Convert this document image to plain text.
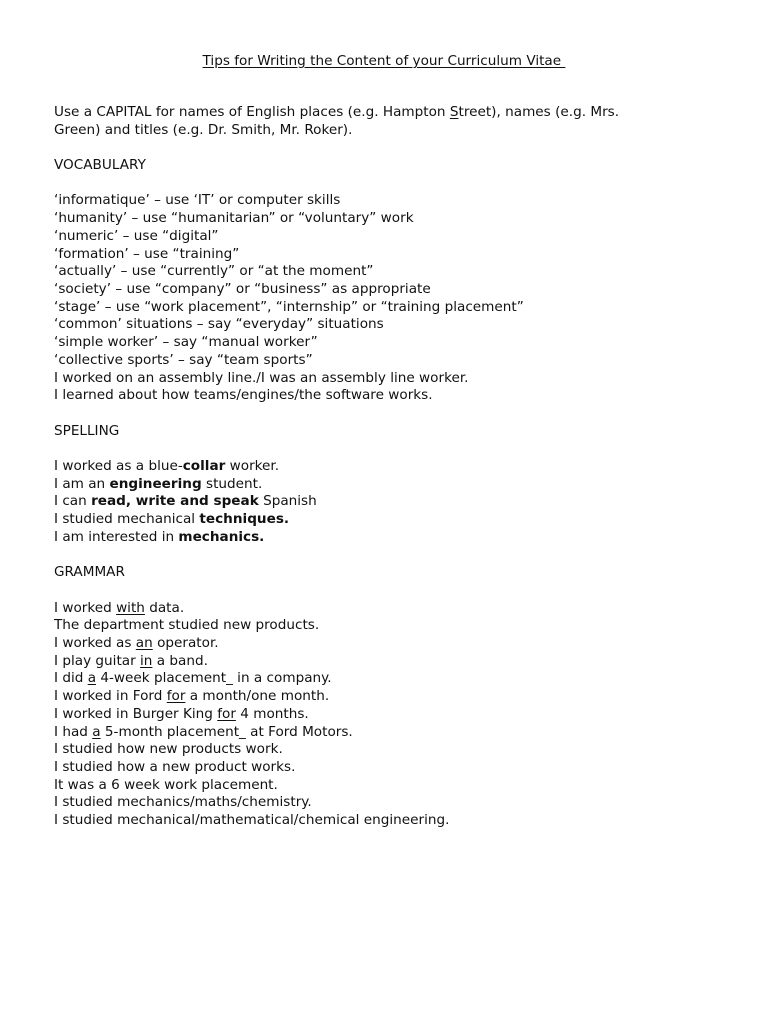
Tips for Writing the Content of your Curriculum Vitae
Use a CAPITAL for names of English places (e.g. Hampton Street), names (e.g. Mrs.
Green) and titles (e.g. Dr. Smith, Mr. Roker).
VOCABULARY
‘informatique’ – use ‘IT’ or computer skills
‘humanity’ – use “humanitarian” or “voluntary” work
‘numeric’ – use “digital”
‘formation’ – use “training”
‘actually’ – use “currently” or “at the moment”
‘society’ – use “company” or “business” as appropriate
‘stage’ – use “work placement”, “internship” or “training placement”
‘common’ situations – say “everyday” situations
‘simple worker’ – say “manual worker”
‘collective sports’ – say “team sports”
I worked on an assembly line./I was an assembly line worker.
I learned about how teams/engines/the software works.
SPELLING
I worked as a blue-collar worker.
I am an engineering student.
I can read, write and speak Spanish
I studied mechanical techniques.
I am interested in mechanics.
GRAMMAR
I worked with data.
The department studied new products.
I worked as an operator.
I play guitar in a band.
I did a 4-week placement_ in a company.
I worked in Ford for a month/one month.
I worked in Burger King for 4 months.
I had a 5-month placement_ at Ford Motors.
I studied how new products work.
I studied how a new product works.
It was a 6 week work placement.
I studied mechanics/maths/chemistry.
I studied mechanical/mathematical/chemical engineering.
